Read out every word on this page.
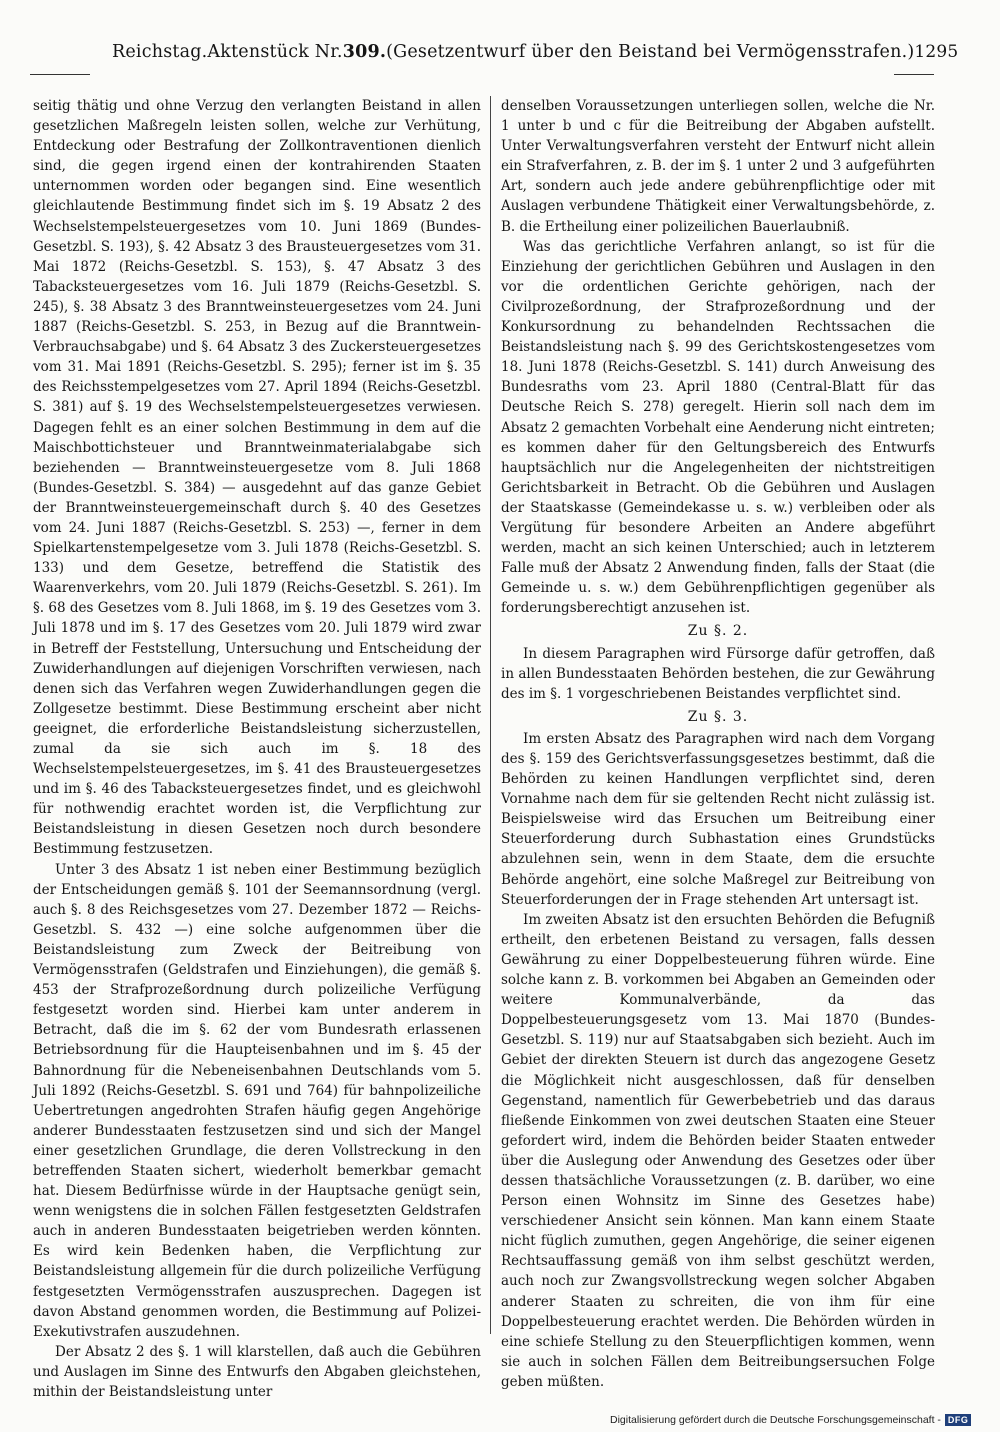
Reichstag. Aktenstück Nr. 309. (Gesetzentwurf über den Beistand bei Vermögensstrafen.) 1295

seitig thätig und ohne Verzug den verlangten Beistand in allen gesetzlichen Maßregeln leisten sollen, welche zur Verhütung, Entdeckung oder Bestrafung der Zollkontraventionen dienlich sind, die gegen irgend einen der kontrahirenden Staaten unternommen worden oder begangen sind. Eine wesentlich gleichlautende Bestimmung findet sich im §. 19 Absatz 2 des Wechselstempelsteuergesetzes vom 10. Juni 1869 (Bundes-Gesetzbl. S. 193), §. 42 Absatz 3 des Brausteuergesetzes vom 31. Mai 1872 (Reichs-Gesetzbl. S. 153), §. 47 Absatz 3 des Tabacksteuergesetzes vom 16. Juli 1879 (Reichs-Gesetzbl. S. 245), §. 38 Absatz 3 des Branntweinsteuergesetzes vom 24. Juni 1887 (Reichs-Gesetzbl. S. 253, in Bezug auf die Branntwein-Verbrauchsabgabe) und §. 64 Absatz 3 des Zuckersteuergesetzes vom 31. Mai 1891 (Reichs-Gesetzbl. S. 295); ferner ist im §. 35 des Reichsstempelgesetzes vom 27. April 1894 (Reichs-Gesetzbl. S. 381) auf §. 19 des Wechselstempelsteuergesetzes verwiesen. Dagegen fehlt es an einer solchen Bestimmung in dem auf die Maischbottichsteuer und Branntweinmaterialabgabe sich beziehenden — Branntweinsteuergesetze vom 8. Juli 1868 (Bundes-Gesetzbl. S. 384) — ausgedehnt auf das ganze Gebiet der Branntweinsteuergemeinschaft durch §. 40 des Gesetzes vom 24. Juni 1887 (Reichs-Gesetzbl. S. 253) —, ferner in dem Spielkartenstempelgesetze vom 3. Juli 1878 (Reichs-Gesetzbl. S. 133) und dem Gesetze, betreffend die Statistik des Waarenverkehrs, vom 20. Juli 1879 (Reichs-Gesetzbl. S. 261). Im §. 68 des Gesetzes vom 8. Juli 1868, im §. 19 des Gesetzes vom 3. Juli 1878 und im §. 17 des Gesetzes vom 20. Juli 1879 wird zwar in Betreff der Feststellung, Untersuchung und Entscheidung der Zuwiderhandlungen auf diejenigen Vorschriften verwiesen, nach denen sich das Verfahren wegen Zuwiderhandlungen gegen die Zollgesetze bestimmt. Diese Bestimmung erscheint aber nicht geeignet, die erforderliche Beistandsleistung sicherzustellen, zumal da sie sich auch im §. 18 des Wechselstempelsteuergesetzes, im §. 41 des Brausteuergesetzes und im §. 46 des Tabacksteuergesetzes findet, und es gleichwohl für nothwendig erachtet worden ist, die Verpflichtung zur Beistandsleistung in diesen Gesetzen noch durch besondere Bestimmung festzusetzen.

Unter 3 des Absatz 1 ist neben einer Bestimmung bezüglich der Entscheidungen gemäß §. 101 der Seemannsordnung (vergl. auch §. 8 des Reichsgesetzes vom 27. Dezember 1872 — Reichs-Gesetzbl. S. 432 —) eine solche aufgenommen über die Beistandsleistung zum Zweck der Beitreibung von Vermögensstrafen (Geldstrafen und Einziehungen), die gemäß §. 453 der Strafprozeßordnung durch polizeiliche Verfügung festgesetzt worden sind. Hierbei kam unter anderem in Betracht, daß die im §. 62 der vom Bundesrath erlassenen Betriebsordnung für die Haupteisenbahnen und im §. 45 der Bahnordnung für die Nebeneisenbahnen Deutschlands vom 5. Juli 1892 (Reichs-Gesetzbl. S. 691 und 764) für bahnpolizeiliche Uebertretungen angedrohten Strafen häufig gegen Angehörige anderer Bundesstaaten festzusetzen sind und sich der Mangel einer gesetzlichen Grundlage, die deren Vollstreckung in den betreffenden Staaten sichert, wiederholt bemerkbar gemacht hat. Diesem Bedürfnisse würde in der Hauptsache genügt sein, wenn wenigstens die in solchen Fällen festgesetzten Geldstrafen auch in anderen Bundesstaaten beigetrieben werden könnten. Es wird kein Bedenken haben, die Verpflichtung zur Beistandsleistung allgemein für die durch polizeiliche Verfügung festgesetzten Vermögensstrafen auszusprechen. Dagegen ist davon Abstand genommen worden, die Bestimmung auf Polizei-Exekutivstrafen auszudehnen.

Der Absatz 2 des §. 1 will klarstellen, daß auch die Gebühren und Auslagen im Sinne des Entwurfs den Abgaben gleichstehen, mithin der Beistandsleistung unter

denselben Voraussetzungen unterliegen sollen, welche die Nr. 1 unter b und c für die Beitreibung der Abgaben aufstellt. Unter Verwaltungsverfahren versteht der Entwurf nicht allein ein Strafverfahren, z. B. der im §. 1 unter 2 und 3 aufgeführten Art, sondern auch jede andere gebührenpflichtige oder mit Auslagen verbundene Thätigkeit einer Verwaltungsbehörde, z. B. die Ertheilung einer polizeilichen Bauerlaubniß.

Was das gerichtliche Verfahren anlangt, so ist für die Einziehung der gerichtlichen Gebühren und Auslagen in den vor die ordentlichen Gerichte gehörigen, nach der Civilprozeßordnung, der Strafprozeßordnung und der Konkursordnung zu behandelnden Rechtssachen die Beistandsleistung nach §. 99 des Gerichtskostengesetzes vom 18. Juni 1878 (Reichs-Gesetzbl. S. 141) durch Anweisung des Bundesraths vom 23. April 1880 (Central-Blatt für das Deutsche Reich S. 278) geregelt. Hierin soll nach dem im Absatz 2 gemachten Vorbehalt eine Aenderung nicht eintreten; es kommen daher für den Geltungsbereich des Entwurfs hauptsächlich nur die Angelegenheiten der nichtstreitigen Gerichtsbarkeit in Betracht. Ob die Gebühren und Auslagen der Staatskasse (Gemeindekasse u. s. w.) verbleiben oder als Vergütung für besondere Arbeiten an Andere abgeführt werden, macht an sich keinen Unterschied; auch in letzterem Falle muß der Absatz 2 Anwendung finden, falls der Staat (die Gemeinde u. s. w.) dem Gebührenpflichtigen gegenüber als forderungsberechtigt anzusehen ist.

Zu §. 2.

In diesem Paragraphen wird Fürsorge dafür getroffen, daß in allen Bundesstaaten Behörden bestehen, die zur Gewährung des im §. 1 vorgeschriebenen Beistandes verpflichtet sind.

Zu §. 3.

Im ersten Absatz des Paragraphen wird nach dem Vorgang des §. 159 des Gerichtsverfassungsgesetzes bestimmt, daß die Behörden zu keinen Handlungen verpflichtet sind, deren Vornahme nach dem für sie geltenden Recht nicht zulässig ist. Beispielsweise wird das Ersuchen um Beitreibung einer Steuerforderung durch Subhastation eines Grundstücks abzulehnen sein, wenn in dem Staate, dem die ersuchte Behörde angehört, eine solche Maßregel zur Beitreibung von Steuerforderungen der in Frage stehenden Art untersagt ist.

Im zweiten Absatz ist den ersuchten Behörden die Befugniß ertheilt, den erbetenen Beistand zu versagen, falls dessen Gewährung zu einer Doppelbesteuerung führen würde. Eine solche kann z. B. vorkommen bei Abgaben an Gemeinden oder weitere Kommunalverbände, da das Doppelbesteuerungsgesetz vom 13. Mai 1870 (Bundes-Gesetzbl. S. 119) nur auf Staatsabgaben sich bezieht. Auch im Gebiet der direkten Steuern ist durch das angezogene Gesetz die Möglichkeit nicht ausgeschlossen, daß für denselben Gegenstand, namentlich für Gewerbebetrieb und das daraus fließende Einkommen von zwei deutschen Staaten eine Steuer gefordert wird, indem die Behörden beider Staaten entweder über die Auslegung oder Anwendung des Gesetzes oder über dessen thatsächliche Voraussetzungen (z. B. darüber, wo eine Person einen Wohnsitz im Sinne des Gesetzes habe) verschiedener Ansicht sein können. Man kann einem Staate nicht füglich zumuthen, gegen Angehörige, die seiner eigenen Rechtsauffassung gemäß von ihm selbst geschützt werden, auch noch zur Zwangsvollstreckung wegen solcher Abgaben anderer Staaten zu schreiten, die von ihm für eine Doppelbesteuerung erachtet werden. Die Behörden würden in eine schiefe Stellung zu den Steuerpflichtigen kommen, wenn sie auch in solchen Fällen dem Beitreibungsersuchen Folge geben müßten.

Digitalisierung gefördert durch die Deutsche Forschungsgemeinschaft - DFG
